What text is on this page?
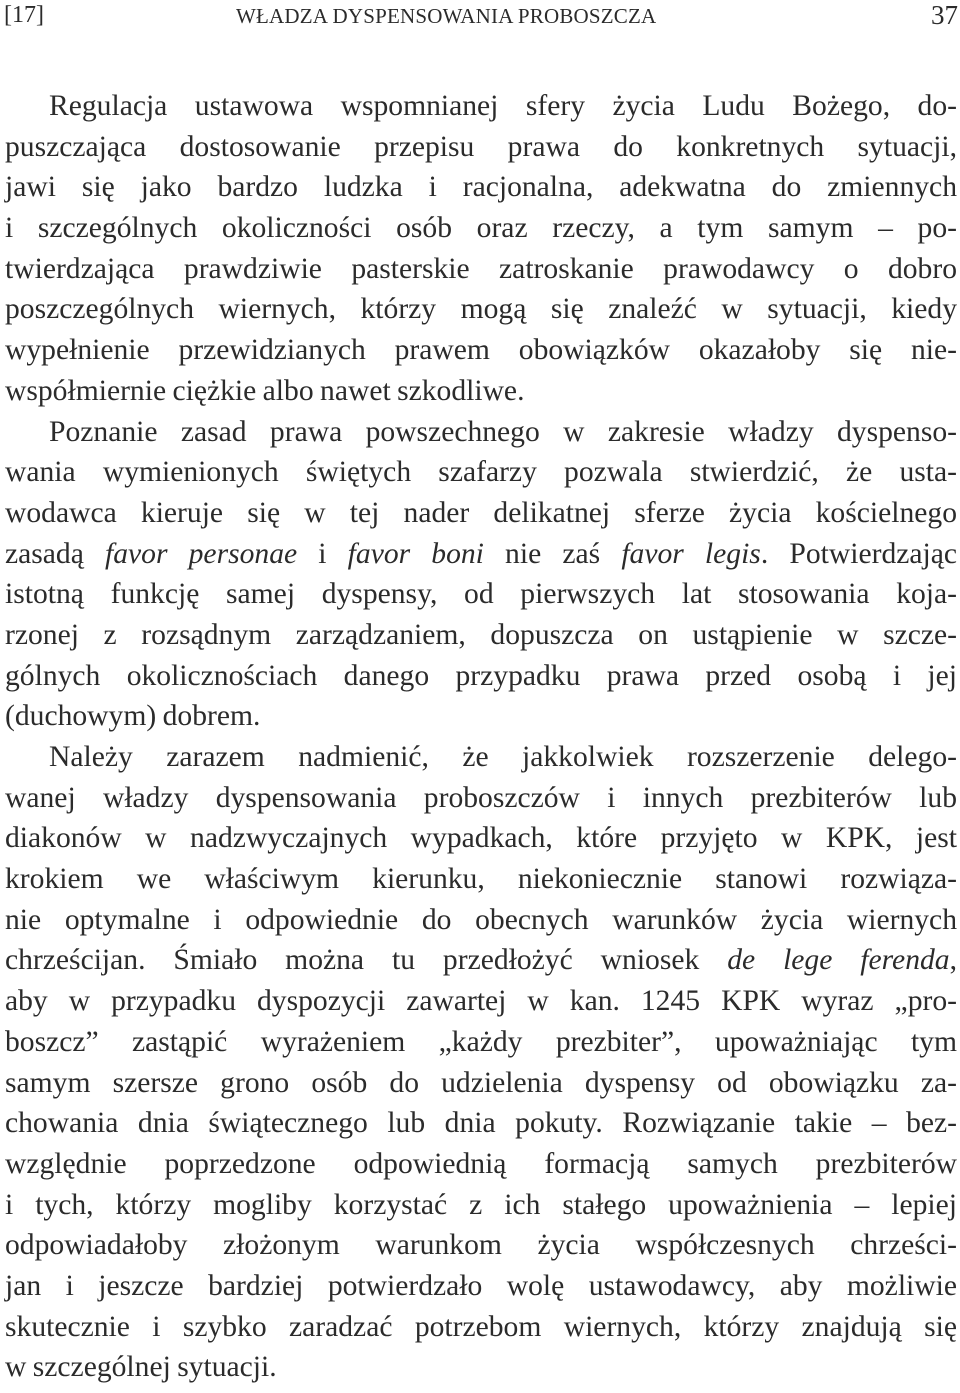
[17]	WŁADZA DYSPENSOWANIA PROBOSZCZA	37
Regulacja ustawowa wspomnianej sfery życia Ludu Bożego, do-
puszczająca dostosowanie przepisu prawa do konkretnych sytuacji,
jawi się jako bardzo ludzka i racjonalna, adekwatna do zmiennych
i szczególnych okoliczności osób oraz rzeczy, a tym samym – po-
twierdzająca prawdziwie pasterskie zatroskanie prawodawcy o dobro
poszczególnych wiernych, którzy mogą się znaleźć w sytuacji, kiedy
wypełnienie przewidzianych prawem obowiązków okazałoby się nie-
współmiernie ciężkie albo nawet szkodliwe.
Poznanie zasad prawa powszechnego w zakresie władzy dyspenso-
wania wymienionych świętych szafarzy pozwala stwierdzić, że usta-
wodawca kieruje się w tej nader delikatnej sferze życia kościelnego
zasadą favor personae i favor boni nie zaś favor legis. Potwierdzając
istotną funkcję samej dyspensy, od pierwszych lat stosowania koja-
rzonej z rozsądnym zarządzaniem, dopuszcza on ustąpienie w szcze-
gólnych okolicznościach danego przypadku prawa przed osobą i jej
(duchowym) dobrem.
Należy zarazem nadmienić, że jakkolwiek rozszerzenie delego-
wanej władzy dyspensowania proboszczów i innych prezbiterów lub
diakonów w nadzwyczajnych wypadkach, które przyjęto w KPK, jest
krokiem we właściwym kierunku, niekoniecznie stanowi rozwiąza-
nie optymalne i odpowiednie do obecnych warunków życia wiernych
chrześcijan. Śmiało można tu przedłożyć wniosek de lege ferenda,
aby w przypadku dyspozycji zawartej w kan. 1245 KPK wyraz „pro-
boszcz” zastąpić wyrażeniem „każdy prezbiter”, upoważniając tym
samym szersze grono osób do udzielenia dyspensy od obowiązku za-
chowania dnia świątecznego lub dnia pokuty. Rozwiązanie takie – bez-
względnie poprzedzone odpowiednią formacją samych prezbiterów
i tych, którzy mogliby korzystać z ich stałego upoważnienia – lepiej
odpowiadałoby złożonym warunkom życia współczesnych chrześci-
jan i jeszcze bardziej potwierdzało wolę ustawodawcy, aby możliwie
skutecznie i szybko zaradzać potrzebom wiernych, którzy znajdują się
w szczególnej sytuacji.
